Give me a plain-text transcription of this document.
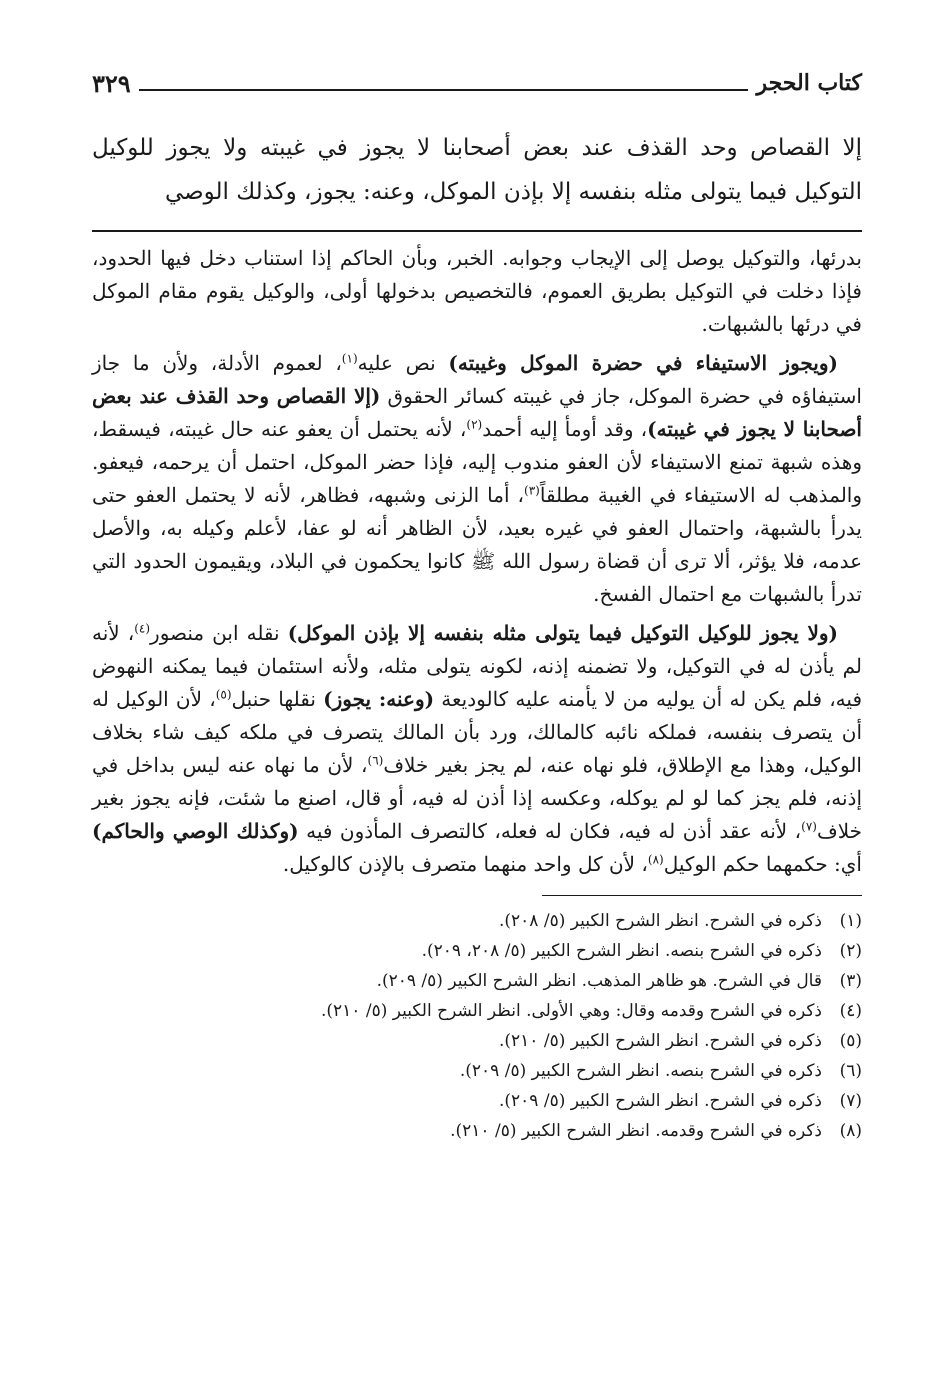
كتاب الحجر
٣٢٩
إلا القصاص وحد القذف عند بعض أصحابنا لا يجوز في غيبته ولا يجوز للوكيل التوكيل فيما يتولى مثله بنفسه إلا بإذن الموكل، وعنه: يجوز، وكذلك الوصي

بدرئها، والتوكيل يوصل إلى الإيجاب وجوابه. الخبر، وبأن الحاكم إذا استناب دخل فيها الحدود، فإذا دخلت في التوكيل بطريق العموم، فالتخصيص بدخولها أولى، والوكيل يقوم مقام الموكل في درئها بالشبهات.

(ويجوز الاستيفاء في حضرة الموكل وغيبته) نص عليه$^{(١)}$، لعموم الأدلة، ولأن ما جاز استيفاؤه في حضرة الموكل، جاز في غيبته كسائر الحقوق (إلا القصاص وحد القذف عند بعض أصحابنا لا يجوز في غيبته)، وقد أومأ إليه أحمد$^{(٢)}$، لأنه يحتمل أن يعفو عنه حال غيبته، فيسقط، وهذه شبهة تمنع الاستيفاء لأن العفو مندوب إليه، فإذا حضر الموكل، احتمل أن يرحمه، فيعفو. والمذهب له الاستيفاء في الغيبة مطلقاً$^{(٣)}$، أما الزنى وشبهه، فظاهر، لأنه لا يحتمل العفو حتى يدرأ بالشبهة، واحتمال العفو في غيره بعيد، لأن الظاهر أنه لو عفا، لأعلم وكيله به، والأصل عدمه، فلا يؤثر، ألا ترى أن قضاة رسول الله ﷺ كانوا يحكمون في البلاد، ويقيمون الحدود التي تدرأ بالشبهات مع احتمال الفسخ.

(ولا يجوز للوكيل التوكيل فيما يتولى مثله بنفسه إلا بإذن الموكل) نقله ابن منصور$^{(٤)}$، لأنه لم يأذن له في التوكيل، ولا تضمنه إذنه، لكونه يتولى مثله، ولأنه استئمان فيما يمكنه النهوض فيه، فلم يكن له أن يوليه من لا يأمنه عليه كالوديعة (وعنه: يجوز) نقلها حنبل$^{(٥)}$، لأن الوكيل له أن يتصرف بنفسه، فملكه نائبه كالمالك، ورد بأن المالك يتصرف في ملكه كيف شاء بخلاف الوكيل، وهذا مع الإطلاق، فلو نهاه عنه، لم يجز بغير خلاف$^{(٦)}$، لأن ما نهاه عنه ليس بداخل في إذنه، فلم يجز كما لو لم يوكله، وعكسه إذا أذن له فيه، أو قال، اصنع ما شئت، فإنه يجوز بغير خلاف$^{(٧)}$، لأنه عقد أذن له فيه، فكان له فعله، كالتصرف المأذون فيه (وكذلك الوصي والحاكم) أي: حكمهما حكم الوكيل$^{(٨)}$، لأن كل واحد منهما متصرف بالإذن كالوكيل.

(١)
ذكره في الشرح. انظر الشرح الكبير (٥/ ٢٠٨).
(٢)
ذكره في الشرح بنصه. انظر الشرح الكبير (٥/ ٢٠٨، ٢٠٩).
(٣)
قال في الشرح. هو ظاهر المذهب. انظر الشرح الكبير (٥/ ٢٠٩).
(٤)
ذكره في الشرح وقدمه وقال: وهي الأولى. انظر الشرح الكبير (٥/ ٢١٠).
(٥)
ذكره في الشرح. انظر الشرح الكبير (٥/ ٢١٠).
(٦)
ذكره في الشرح بنصه. انظر الشرح الكبير (٥/ ٢٠٩).
(٧)
ذكره في الشرح. انظر الشرح الكبير (٥/ ٢٠٩).
(٨)
ذكره في الشرح وقدمه. انظر الشرح الكبير (٥/ ٢١٠).
